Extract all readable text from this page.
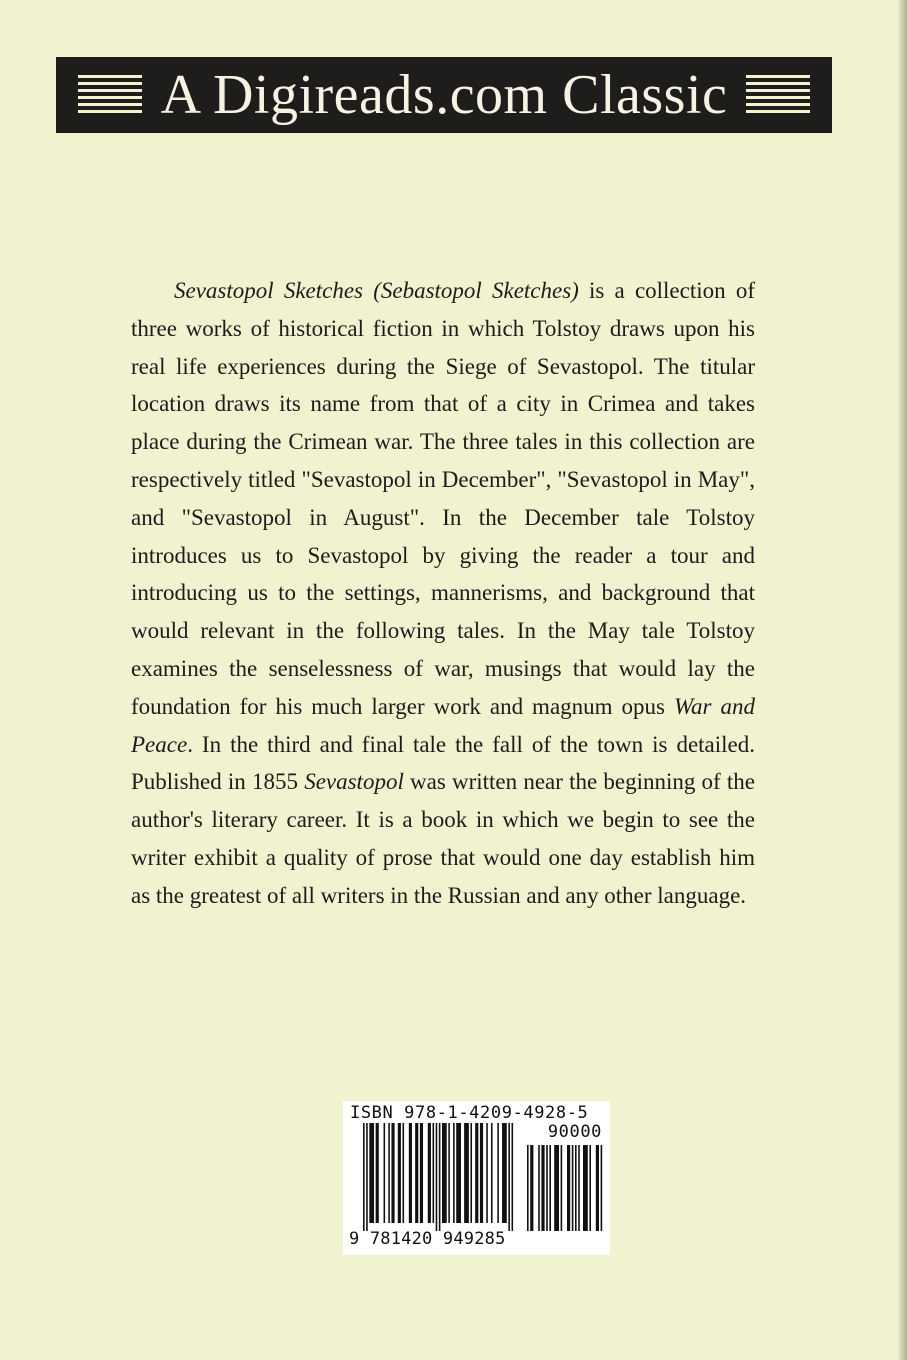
A Digireads.com Classic

Sevastopol Sketches (Sebastopol Sketches) is a collection of three works of historical fiction in which Tolstoy draws upon his real life experiences during the Siege of Sevastopol. The titular location draws its name from that of a city in Crimea and takes place during the Crimean war. The three tales in this collection are respectively titled "Sevastopol in December", "Sevastopol in May", and "Sevastopol in August". In the December tale Tolstoy introduces us to Sevastopol by giving the reader a tour and introducing us to the settings, mannerisms, and background that would relevant in the following tales. In the May tale Tolstoy examines the senselessness of war, musings that would lay the foundation for his much larger work and magnum opus War and Peace. In the third and final tale the fall of the town is detailed. Published in 1855 Sevastopol was written near the beginning of the author's literary career. It is a book in which we begin to see the writer exhibit a quality of prose that would one day establish him as the greatest of all writers in the Russian and any other language.

ISBN 978-1-4209-4928-5
90000
9 781420 949285
